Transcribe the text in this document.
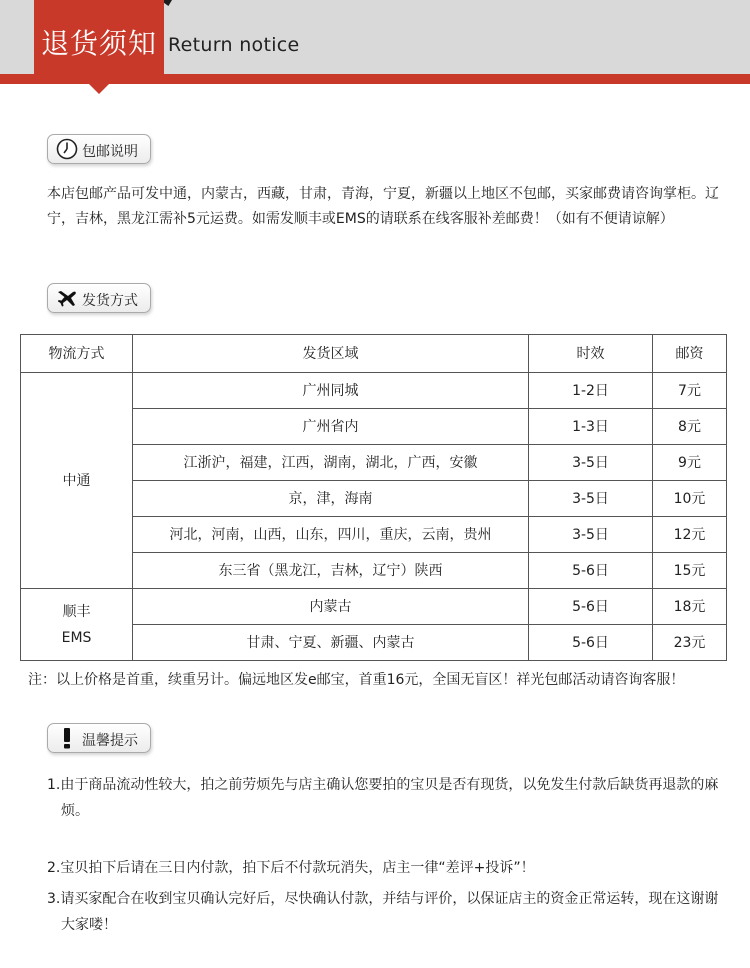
退货须知 Return notice
包邮说明
本店包邮产品可发中通，内蒙古，西藏，甘肃，青海，宁夏，新疆以上地区不包邮，买家邮费请咨询掌柜。辽宁，吉林，黑龙江需补5元运费。如需发顺丰或EMS的请联系在线客服补差邮费！（如有不便请谅解）
发货方式
物流方式	发货区域	时效	邮资
中通	广州同城	1-2日	7元
	广州省内	1-3日	8元
	江浙沪，福建，江西，湖南，湖北，广西，安徽	3-5日	9元
	京，津，海南	3-5日	10元
	河北，河南，山西，山东，四川，重庆，云南，贵州	3-5日	12元
	东三省（黑龙江，吉林，辽宁）陕西	5-6日	15元

顺丰
EMS	内蒙古	5-6日	18元
	甘肃、宁夏、新疆、内蒙古	5-6日	23元
注：以上价格是首重，续重另计。偏远地区发e邮宝，首重16元，全国无盲区！祥光包邮活动请咨询客服！
温馨提示
1.由于商品流动性较大，拍之前劳烦先与店主确认您要拍的宝贝是否有现货，以免发生付款后缺货再退款的麻烦。
2.宝贝拍下后请在三日内付款，拍下后不付款玩消失，店主一律“差评+投诉”！
3.请买家配合在收到宝贝确认完好后，尽快确认付款，并结与评价，以保证店主的资金正常运转，现在这谢谢大家喽！
